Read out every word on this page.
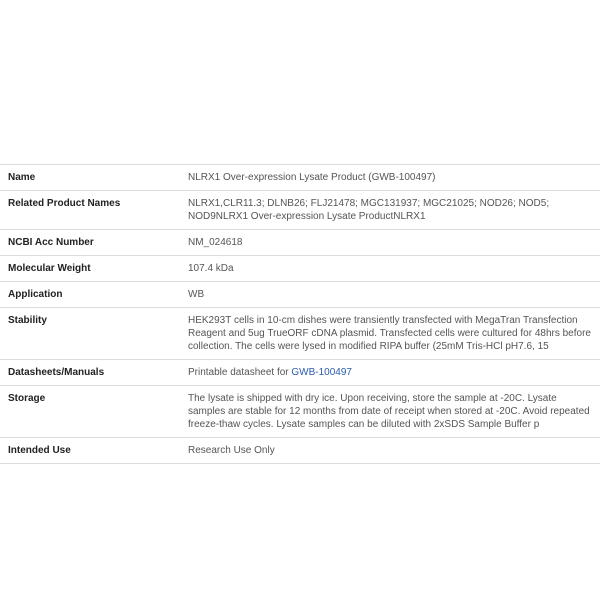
Name	NLRX1 Over-expression Lysate Product (GWB-100497)
Related Product Names	NLRX1,CLR11.3; DLNB26; FLJ21478; MGC131937; MGC21025; NOD26; NOD5; NOD9NLRX1 Over-expression Lysate ProductNLRX1
NCBI Acc Number	NM_024618
Molecular Weight	107.4 kDa
Application	WB
Stability	HEK293T cells in 10-cm dishes were transiently transfected with MegaTran Transfection Reagent and 5ug TrueORF cDNA plasmid. Transfected cells were cultured for 48hrs before collection. The cells were lysed in modified RIPA buffer (25mM Tris-HCl pH7.6, 15
Datasheets/Manuals	Printable datasheet for GWB-100497
Storage	The lysate is shipped with dry ice. Upon receiving, store the sample at -20C. Lysate samples are stable for 12 months from date of receipt when stored at -20C. Avoid repeated freeze-thaw cycles. Lysate samples can be diluted with 2xSDS Sample Buffer p
Intended Use	Research Use Only
